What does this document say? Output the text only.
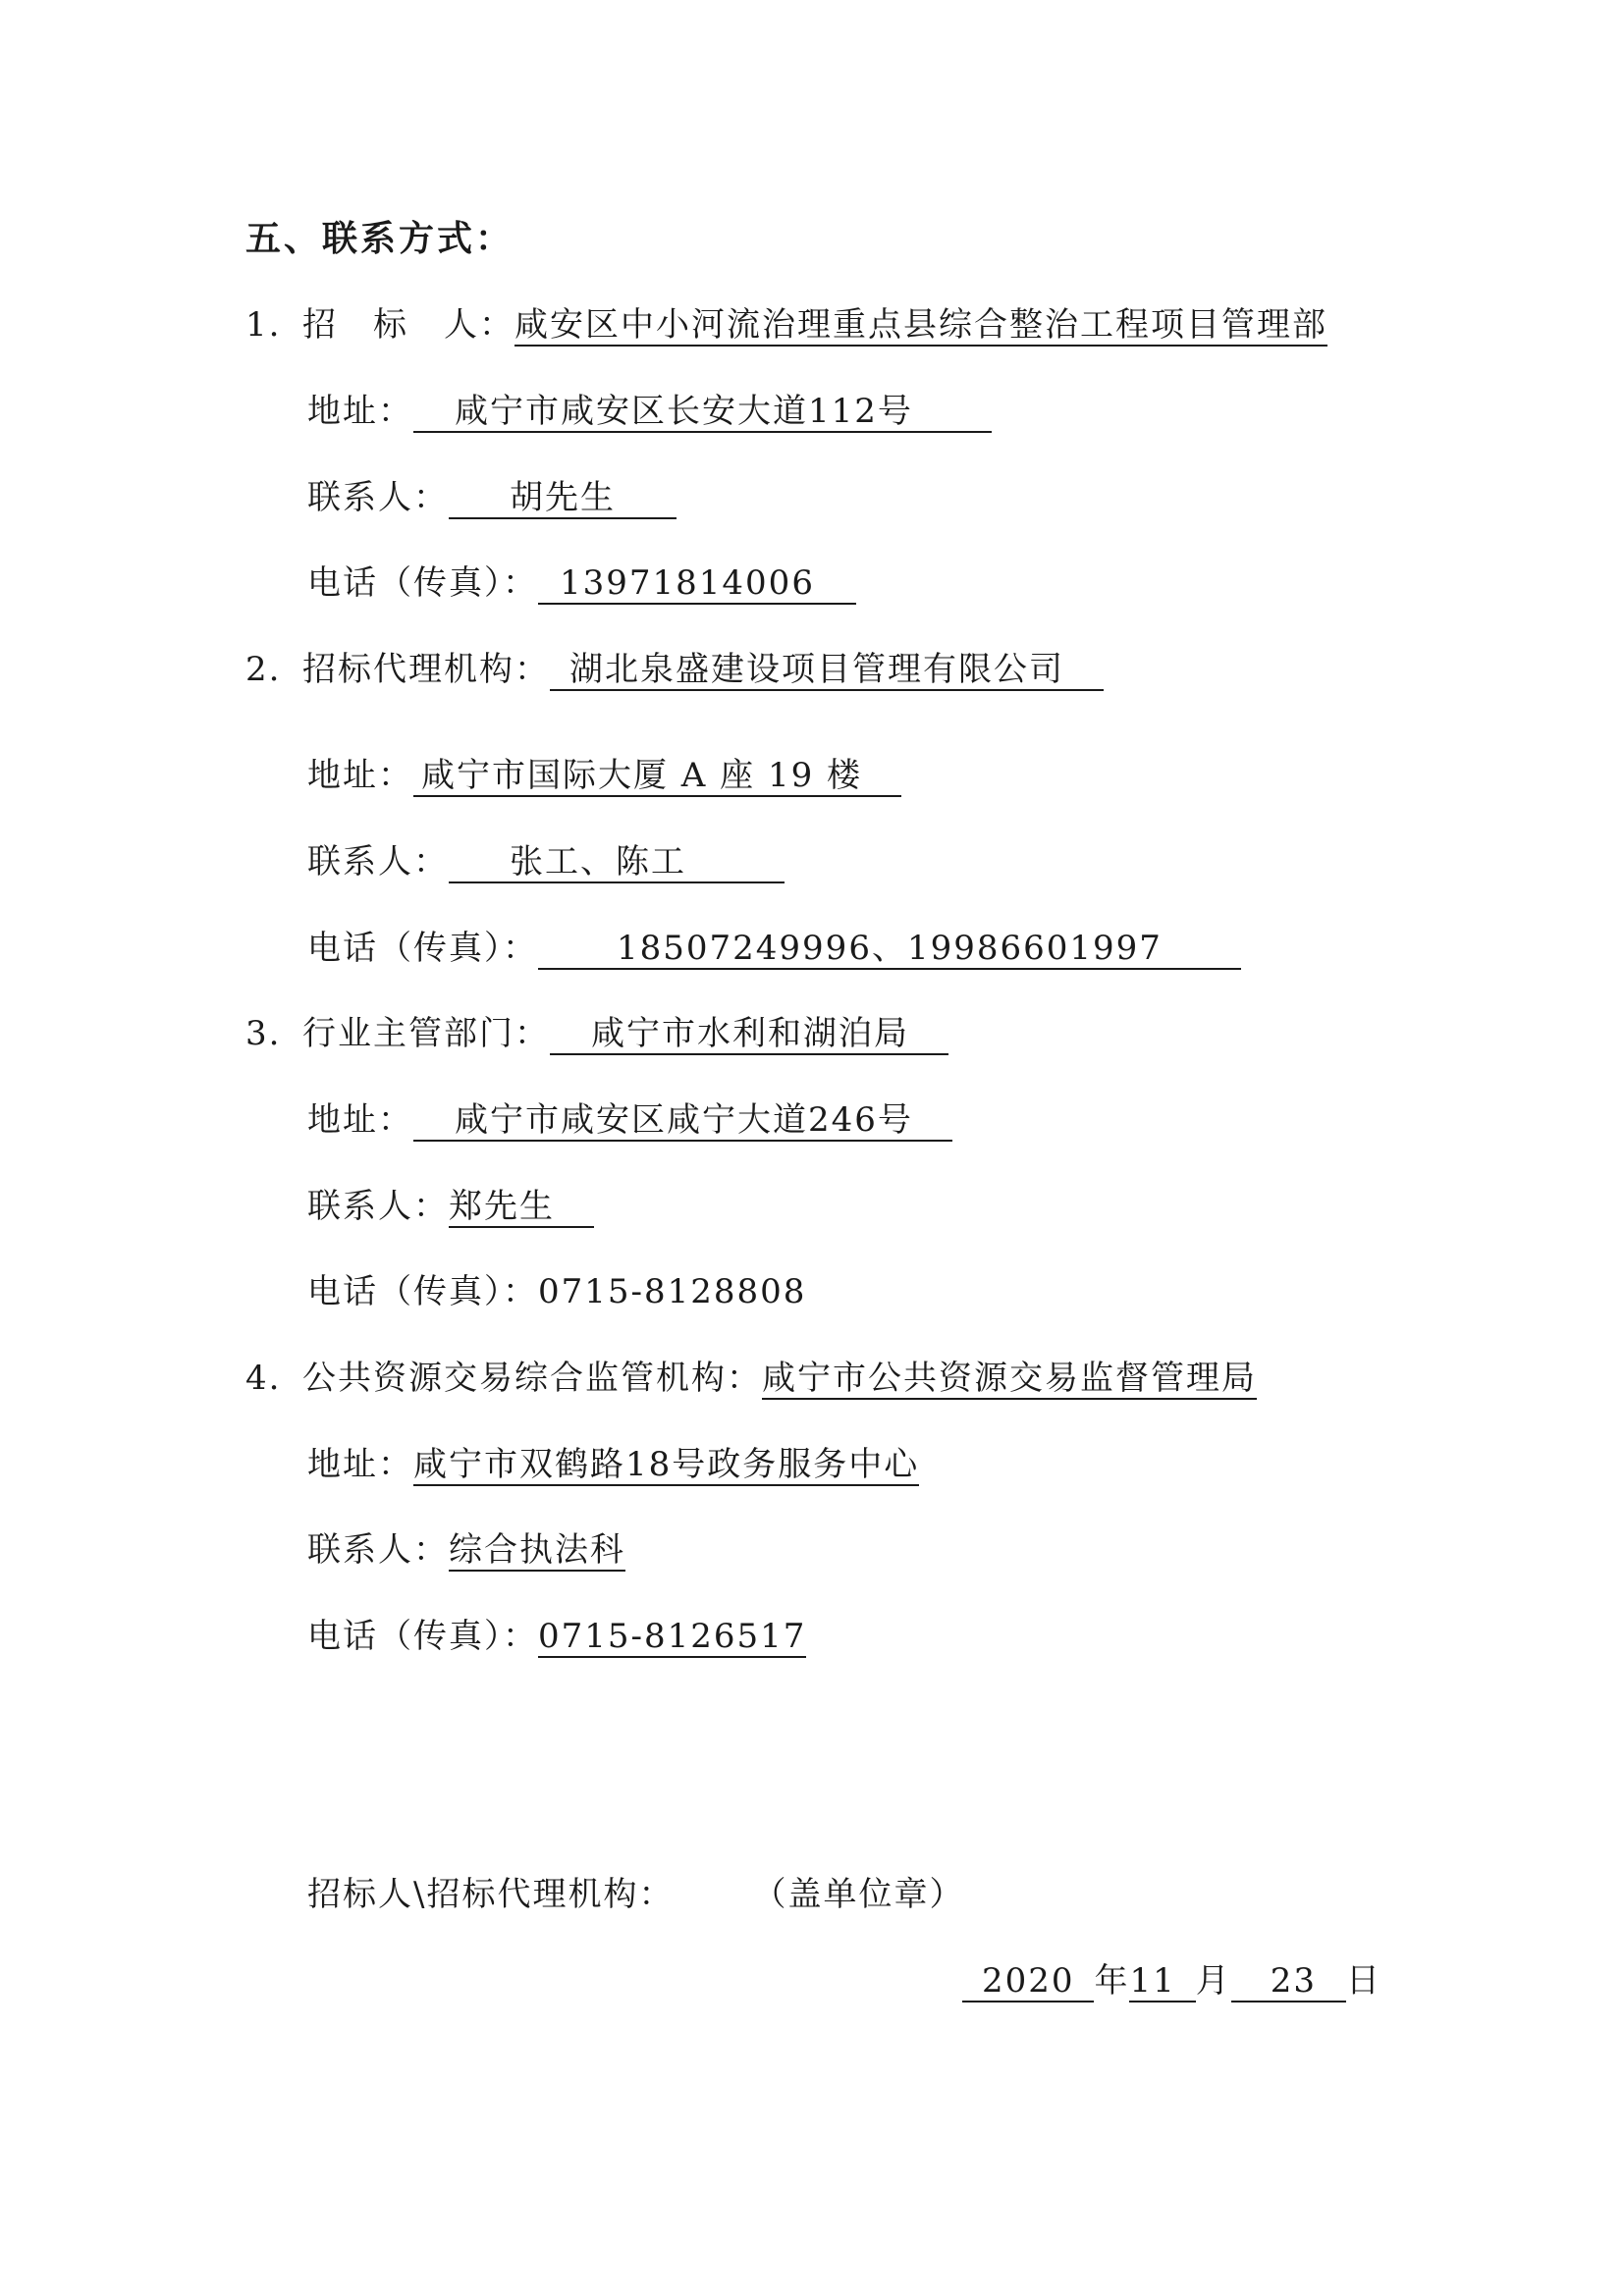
五、联系方式：
1. 招　标　人：咸安区中小河流治理重点县综合整治工程项目管理部
地址： 咸宁市咸安区长安大道112号
联系人： 胡先生
电话（传真）： 13971814006
2. 招标代理机构： 湖北泉盛建设项目管理有限公司
地址： 咸宁市国际大厦 A 座 19 楼
联系人： 张工、陈工
电话（传真）： 18507249996、19986601997
3. 行业主管部门： 咸宁市水利和湖泊局
地址： 咸宁市咸安区咸宁大道246号
联系人：郑先生
电话（传真）：0715-8128808
4. 公共资源交易综合监管机构：咸宁市公共资源交易监督管理局
地址：咸宁市双鹤路18号政务服务中心
联系人：综合执法科
电话（传真）：0715-8126517
招标人\招标代理机构： （盖单位章）
2020 年11 月 23 日
